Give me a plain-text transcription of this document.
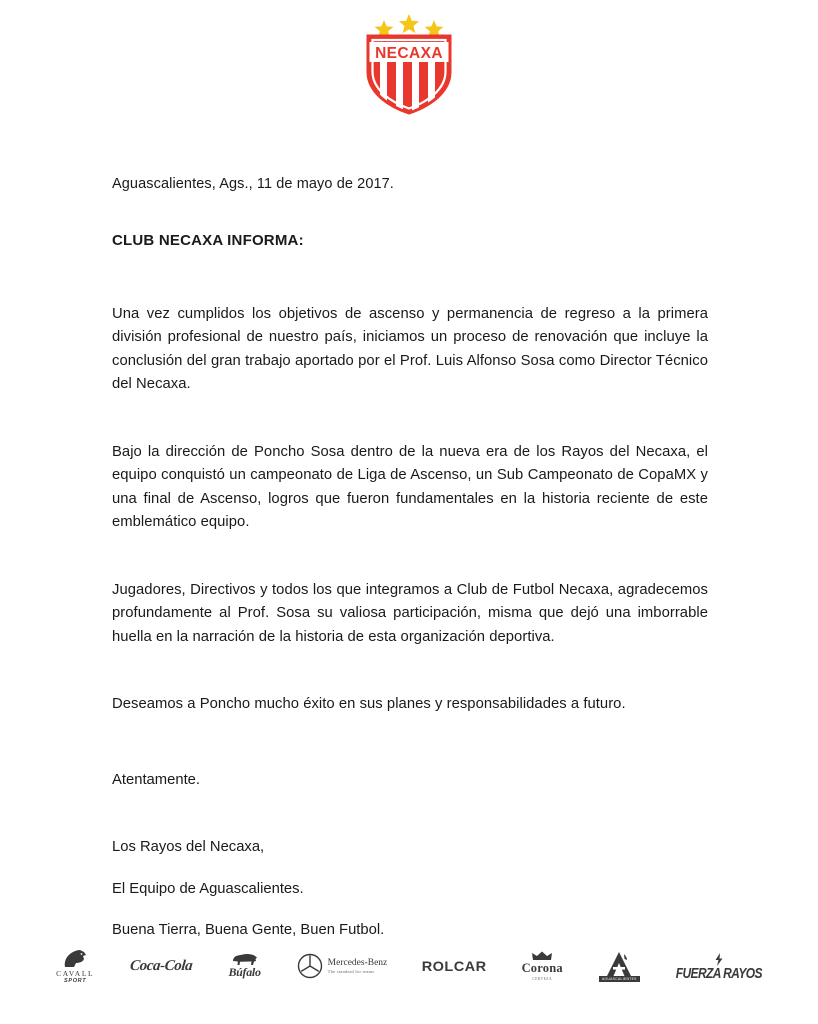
NECAXA
Aguascalientes, Ags., 11 de mayo de 2017.
CLUB NECAXA INFORMA:

Una vez cumplidos los objetivos de ascenso y permanencia de regreso a la primera división profesional de nuestro país, iniciamos un proceso de renovación que incluye la conclusión del gran trabajo aportado por el Prof. Luis Alfonso Sosa como Director Técnico del Necaxa.

Bajo la dirección de Poncho Sosa dentro de la nueva era de los Rayos del Necaxa, el equipo conquistó un campeonato de Liga de Ascenso, un Sub Campeonato de CopaMX y una final de Ascenso, logros que fueron fundamentales en la historia reciente de este emblemático equipo.

Jugadores, Directivos y todos los que integramos a Club de Futbol Necaxa, agradecemos profundamente al Prof. Sosa su valiosa participación, misma que dejó una imborrable huella en la narración de la historia de esta organización deportiva.

Deseamos a Poncho mucho éxito en sus planes y responsabilidades a futuro.

Atentamente.
Los Rayos del Necaxa,
El Equipo de Aguascalientes.
Buena Tierra, Buena Gente, Buen Futbol.
CAVALL
SPORT
Coca-Cola	Búfalo
Mercedes-Benz
The standard for teams	ROLCAR	Corona
CERVEZA	AGUASCALIENTES	FUERZA RAYOS
